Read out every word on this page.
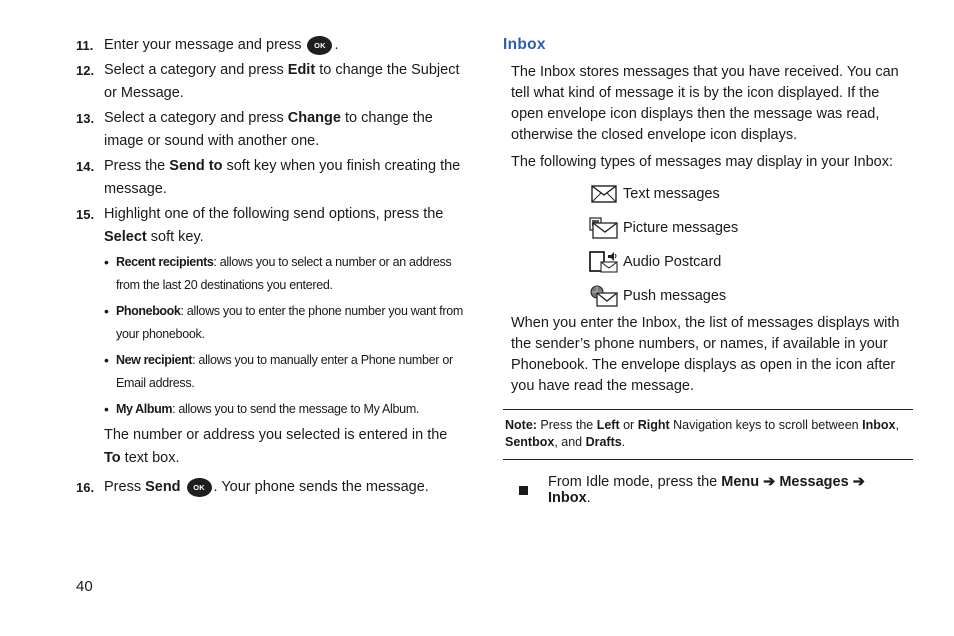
11. Enter your message and press OK .
12. Select a category and press Edit to change the Subject or Message.
13. Select a category and press Change to change the image or sound with another one.
14. Press the Send to soft key when you finish creating the message.
15. Highlight one of the following send options, press the Select soft key.
• Recent recipients: allows you to select a number or an address from the last 20 destinations you entered.
• Phonebook: allows you to enter the phone number you want from your phonebook.
• New recipient: allows you to manually enter a Phone number or Email address.
• My Album: allows you to send the message to My Album.
The number or address you selected is entered in the To text box.
16. Press Send OK . Your phone sends the message.
Inbox

The Inbox stores messages that you have received. You can tell what kind of message it is by the icon displayed. If the open envelope icon displays then the message was read, otherwise the closed envelope icon displays.

The following types of messages may display in your Inbox:

Text messages
Picture messages
Audio Postcard
Push messages

When you enter the Inbox, the list of messages displays with the sender’s phone numbers, or names, if available in your Phonebook. The envelope displays as open in the icon after you have read the message.

Note: Press the Left or Right Navigation keys to scroll between Inbox, Sentbox, and Drafts.
From Idle mode, press the Menu ➔ Messages ➔ Inbox.
40
